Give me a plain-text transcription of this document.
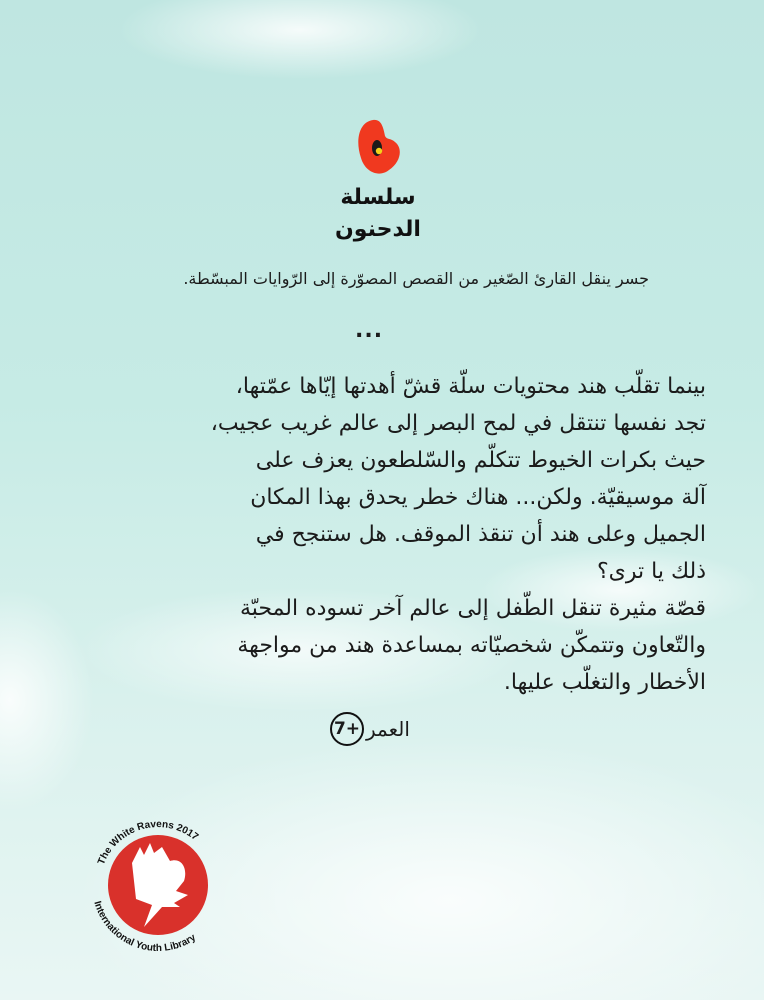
سلسلة
الدحنون
جسر ينقل القارئ الصّغير من القصص المصوّرة إلى الرّوايات المبسّطة.
...
بينما تقلّب هند محتويات سلّة قشّ أهدتها إيّاها عمّتها،
تجد نفسها تنتقل في لمح البصر إلى عالم غريب عجيب،
حيث بكرات الخيوط تتكلّم والسّلطعون يعزف على
آلة موسيقيّة. ولكن... هناك خطر يحدق بهذا المكان
الجميل وعلى هند أن تنقذ الموقف. هل ستنجح في
ذلك يا ترى؟
قصّة مثيرة تنقل الطّفل إلى عالم آخر تسوده المحبّة
والتّعاون وتتمكّن شخصيّاته بمساعدة هند من مواجهة
الأخطار والتغلّب عليها.
العمر
7+
The White Ravens 2017
International Youth Library
